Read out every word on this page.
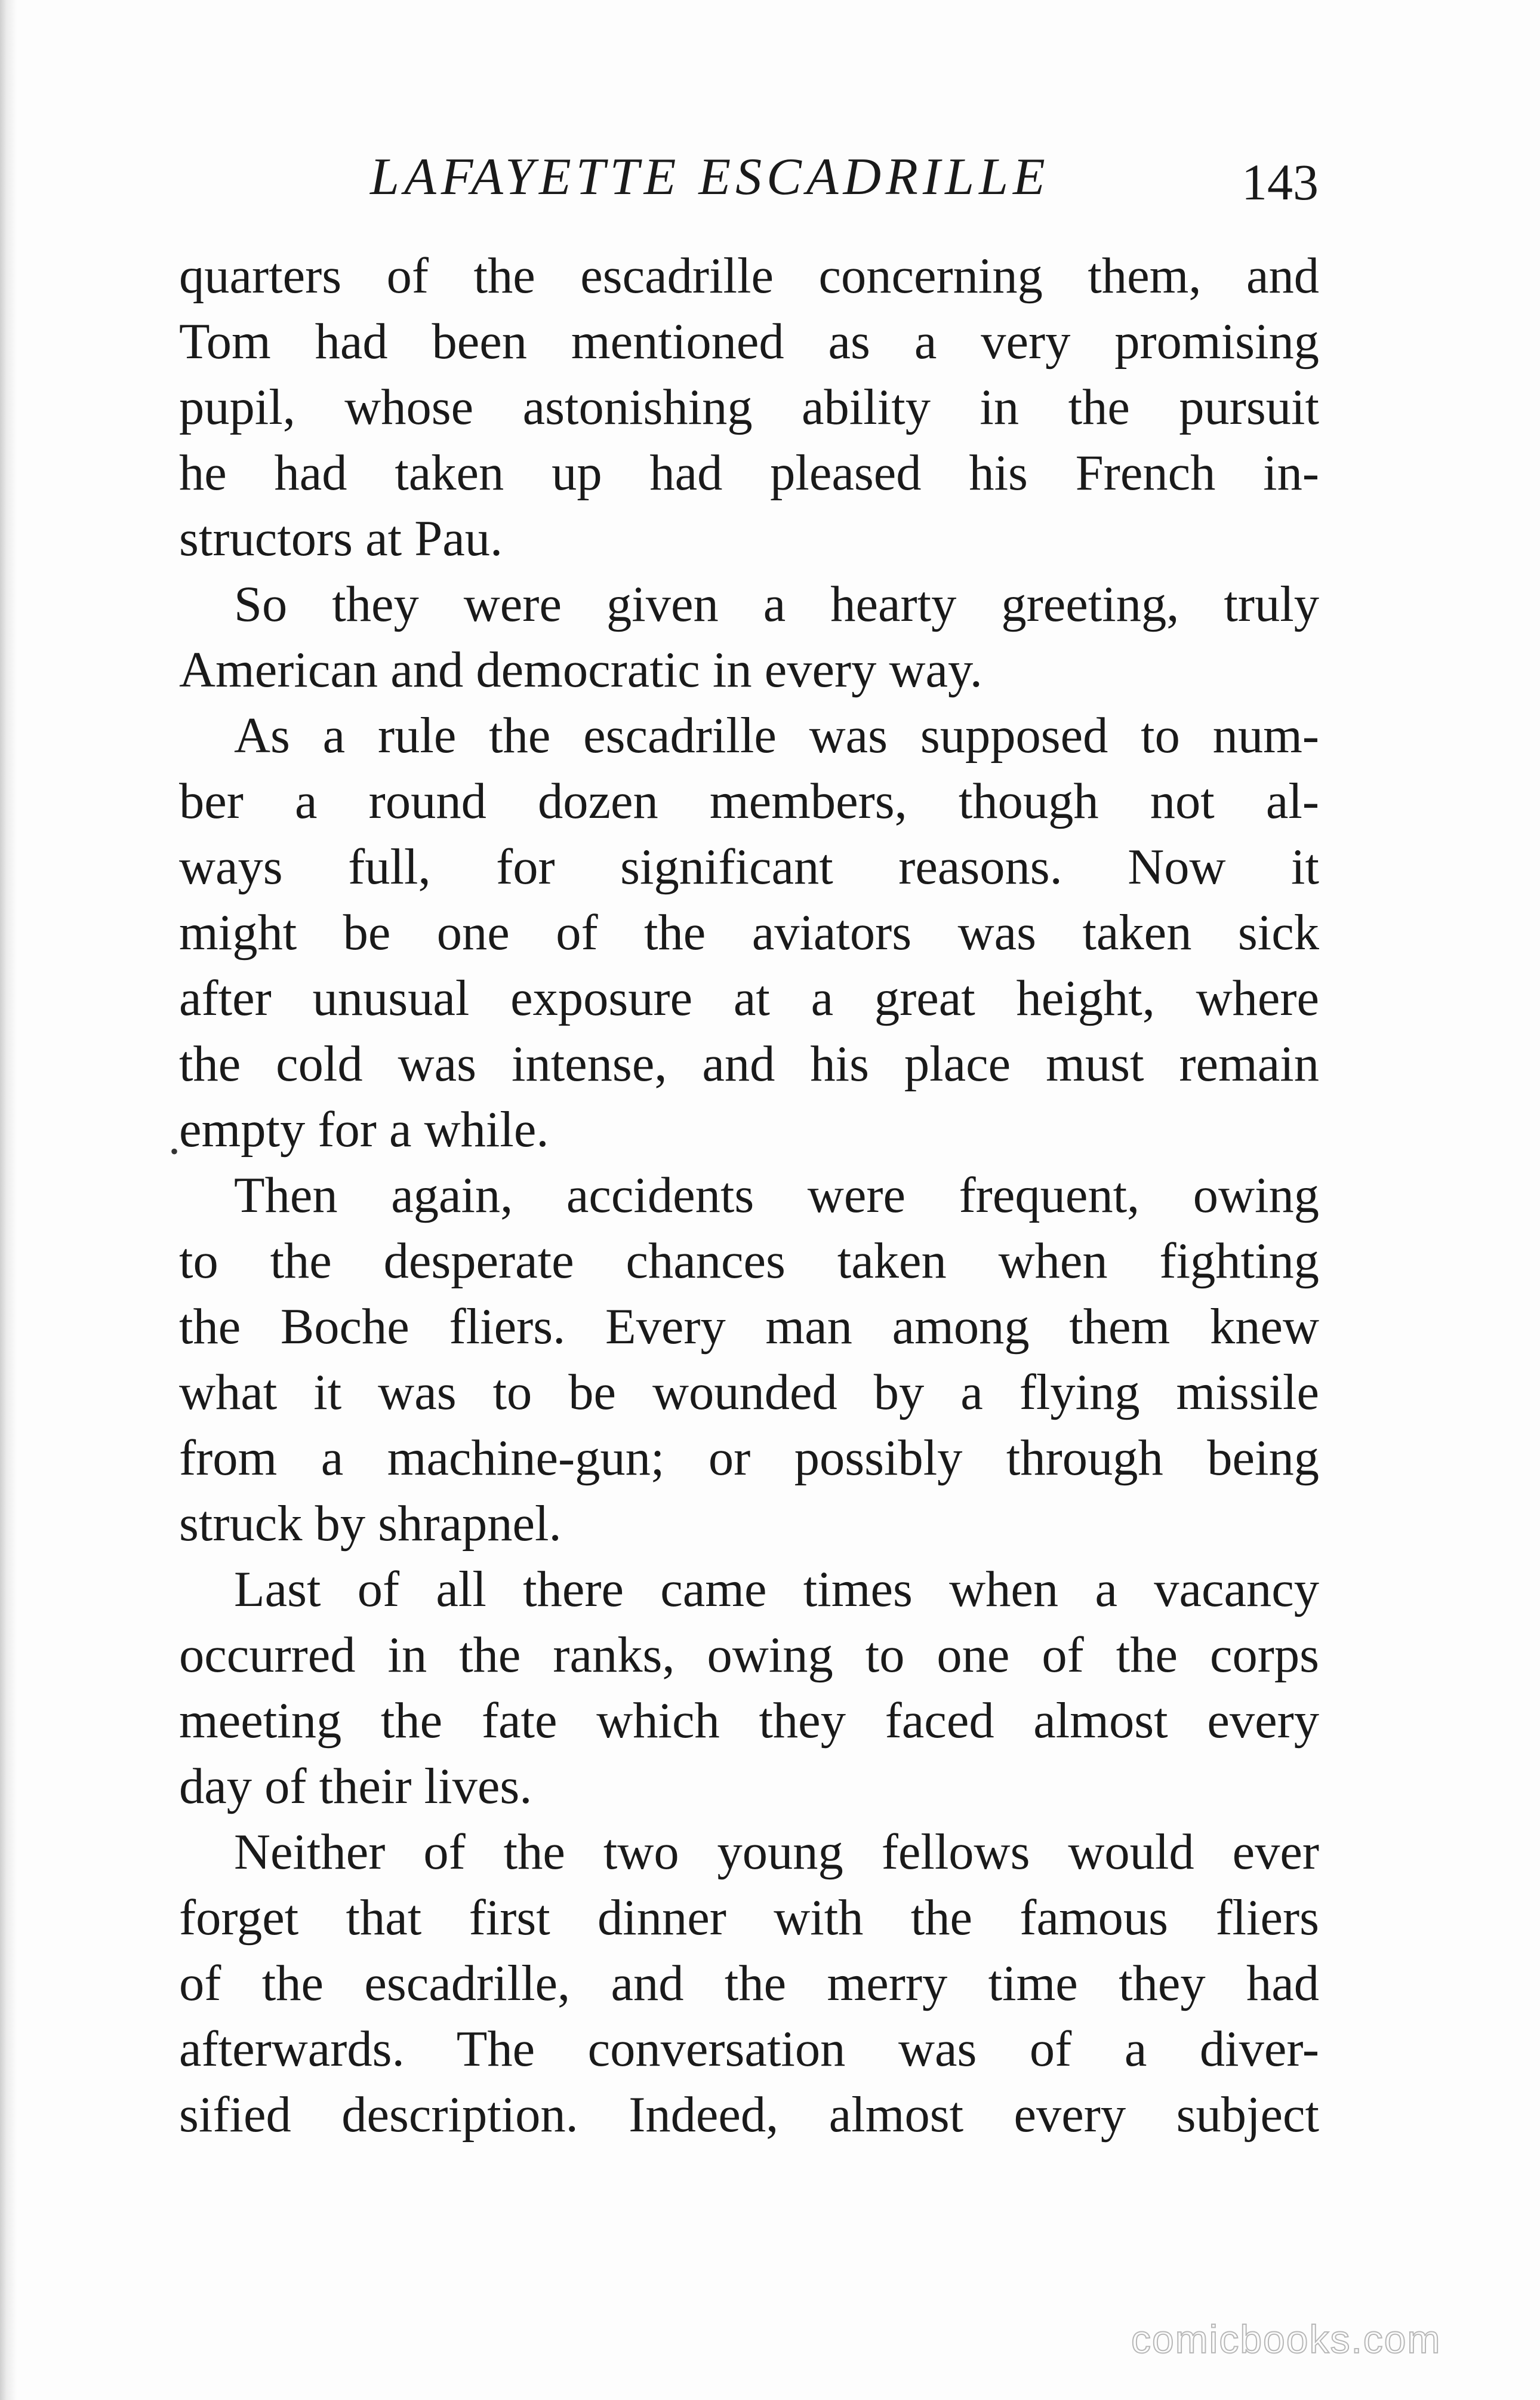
LAFAYETTE ESCADRILLE	143
quarters of the escadrille concerning them, and
Tom had been mentioned as a very promising
pupil, whose astonishing ability in the pursuit
he had taken up had pleased his French in-
structors at Pau.
So they were given a hearty greeting, truly
American and democratic in every way.
As a rule the escadrille was supposed to num-
ber a round dozen members, though not al-
ways full, for significant reasons. Now it
might be one of the aviators was taken sick
after unusual exposure at a great height, where
the cold was intense, and his place must remain
empty for a while.
Then again, accidents were frequent, owing
to the desperate chances taken when fighting
the Boche fliers. Every man among them knew
what it was to be wounded by a flying missile
from a machine-gun; or possibly through being
struck by shrapnel.
Last of all there came times when a vacancy
occurred in the ranks, owing to one of the corps
meeting the fate which they faced almost every
day of their lives.
Neither of the two young fellows would ever
forget that first dinner with the famous fliers
of the escadrille, and the merry time they had
afterwards. The conversation was of a diver-
sified description. Indeed, almost every subject
•
comicbooks.com
